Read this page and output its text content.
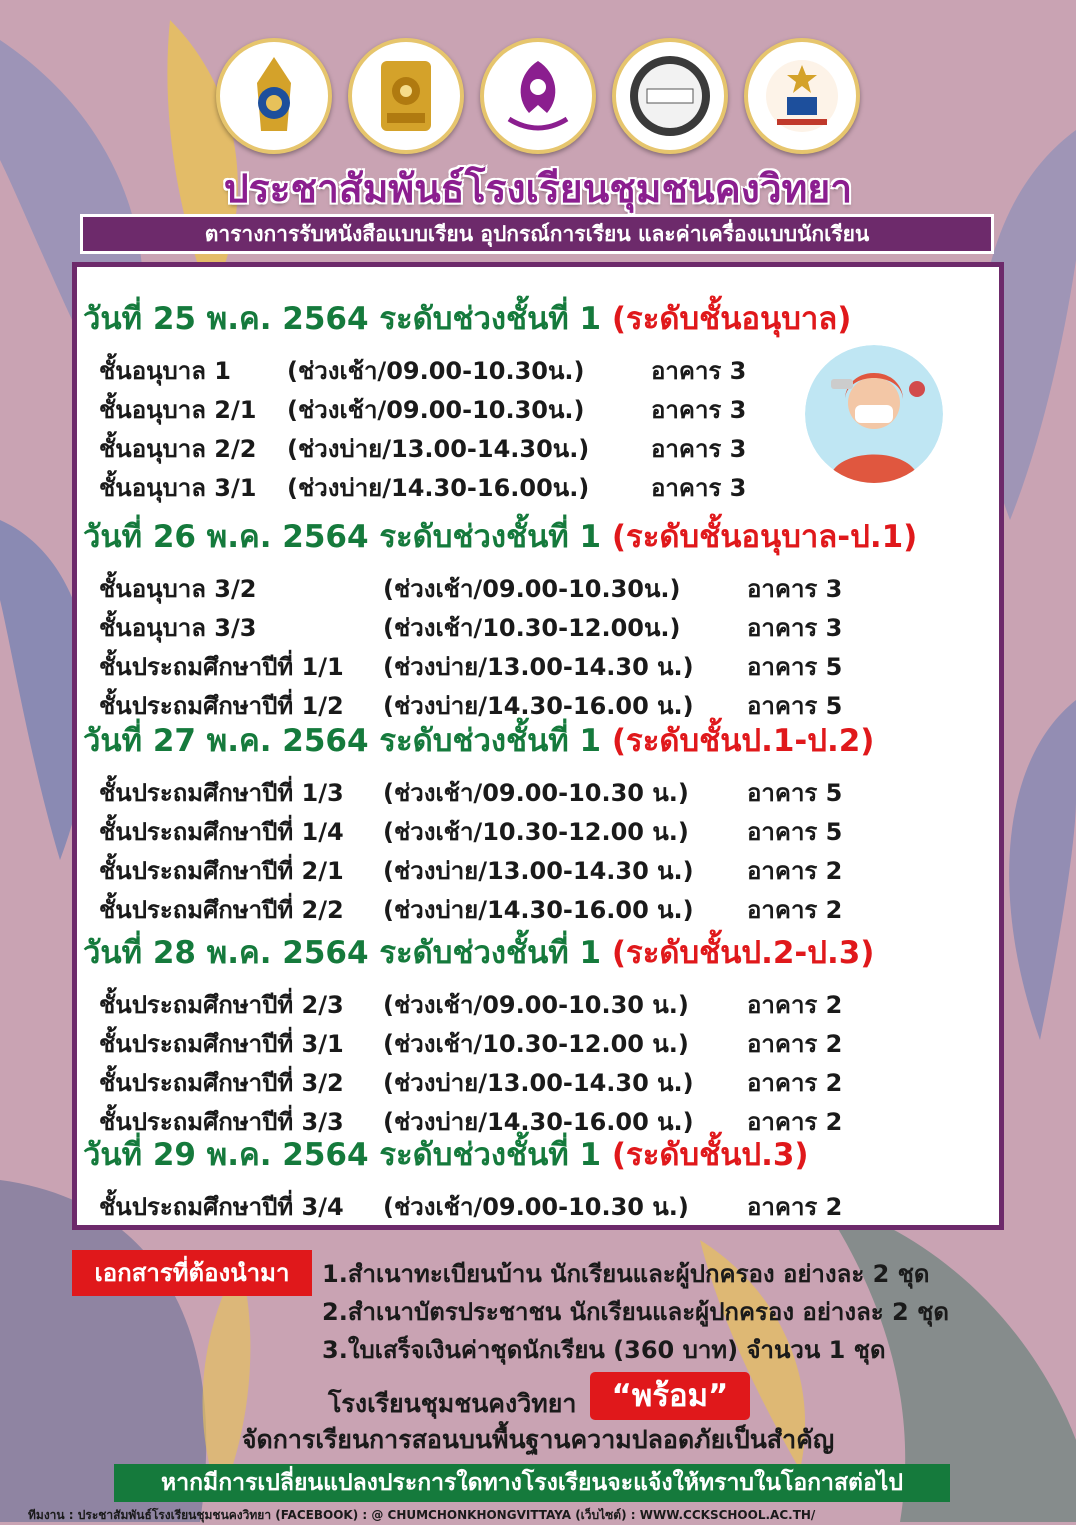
ประชาสัมพันธ์โรงเรียนชุมชนคงวิทยา
ตารางการรับหนังสือแบบเรียน อุปกรณ์การเรียน และค่าเครื่องแบบนักเรียน
วันที่ 25 พ.ค. 2564 ระดับช่วงชั้นที่ 1 (ระดับชั้นอนุบาล)
ชั้นอนุบาล 1 (ช่วงเช้า/09.00-10.30น.)	อาคาร 3
ชั้นอนุบาล 2/1 (ช่วงเช้า/09.00-10.30น.)	อาคาร 3
ชั้นอนุบาล 2/2 (ช่วงบ่าย/13.00-14.30น.)	อาคาร 3
ชั้นอนุบาล 3/1 (ช่วงบ่าย/14.30-16.00น.)	อาคาร 3
วันที่ 26 พ.ค. 2564 ระดับช่วงชั้นที่ 1 (ระดับชั้นอนุบาล-ป.1)
ชั้นอนุบาล 3/2	(ช่วงเช้า/09.00-10.30น.)	อาคาร 3
ชั้นอนุบาล 3/3	(ช่วงเช้า/10.30-12.00น.)	อาคาร 3
ชั้นประถมศึกษาปีที่ 1/1 (ช่วงบ่าย/13.00-14.30 น.) อาคาร 5
ชั้นประถมศึกษาปีที่ 1/2 (ช่วงบ่าย/14.30-16.00 น.) อาคาร 5
วันที่ 27 พ.ค. 2564 ระดับช่วงชั้นที่ 1 (ระดับชั้นป.1-ป.2)
ชั้นประถมศึกษาปีที่ 1/3 (ช่วงเช้า/09.00-10.30 น.) อาคาร 5
ชั้นประถมศึกษาปีที่ 1/4 (ช่วงเช้า/10.30-12.00 น.) อาคาร 5
ชั้นประถมศึกษาปีที่ 2/1 (ช่วงบ่าย/13.00-14.30 น.) อาคาร 2
ชั้นประถมศึกษาปีที่ 2/2 (ช่วงบ่าย/14.30-16.00 น.) อาคาร 2
วันที่ 28 พ.ค. 2564 ระดับช่วงชั้นที่ 1 (ระดับชั้นป.2-ป.3)
ชั้นประถมศึกษาปีที่ 2/3 (ช่วงเช้า/09.00-10.30 น.) อาคาร 2
ชั้นประถมศึกษาปีที่ 3/1 (ช่วงเช้า/10.30-12.00 น.) อาคาร 2
ชั้นประถมศึกษาปีที่ 3/2 (ช่วงบ่าย/13.00-14.30 น.) อาคาร 2
ชั้นประถมศึกษาปีที่ 3/3 (ช่วงบ่าย/14.30-16.00 น.) อาคาร 2
วันที่ 29 พ.ค. 2564 ระดับช่วงชั้นที่ 1 (ระดับชั้นป.3)
ชั้นประถมศึกษาปีที่ 3/4 (ช่วงเช้า/09.00-10.30 น.) อาคาร 2
เอกสารที่ต้องนำมา	1.สำเนาทะเบียนบ้าน นักเรียนและผู้ปกครอง อย่างละ 2 ชุด
2.สำเนาบัตรประชาชน นักเรียนและผู้ปกครอง อย่างละ 2 ชุด
3.ใบเสร็จเงินค่าชุดนักเรียน (360 บาท) จำนวน 1 ชุด
โรงเรียนชุมชนคงวิทยา	“พร้อม”
จัดการเรียนการสอนบนพื้นฐานความปลอดภัยเป็นสำคัญ
หากมีการเปลี่ยนแปลงประการใดทางโรงเรียนจะแจ้งให้ทราบในโอกาสต่อไป
ทีมงาน : ประชาสัมพันธ์โรงเรียนชุมชนคงวิทยา (FACEBOOK) : @ CHUMCHONKHONGVITTAYA (เว็บไซต์) : WWW.CCKSCHOOL.AC.TH/
